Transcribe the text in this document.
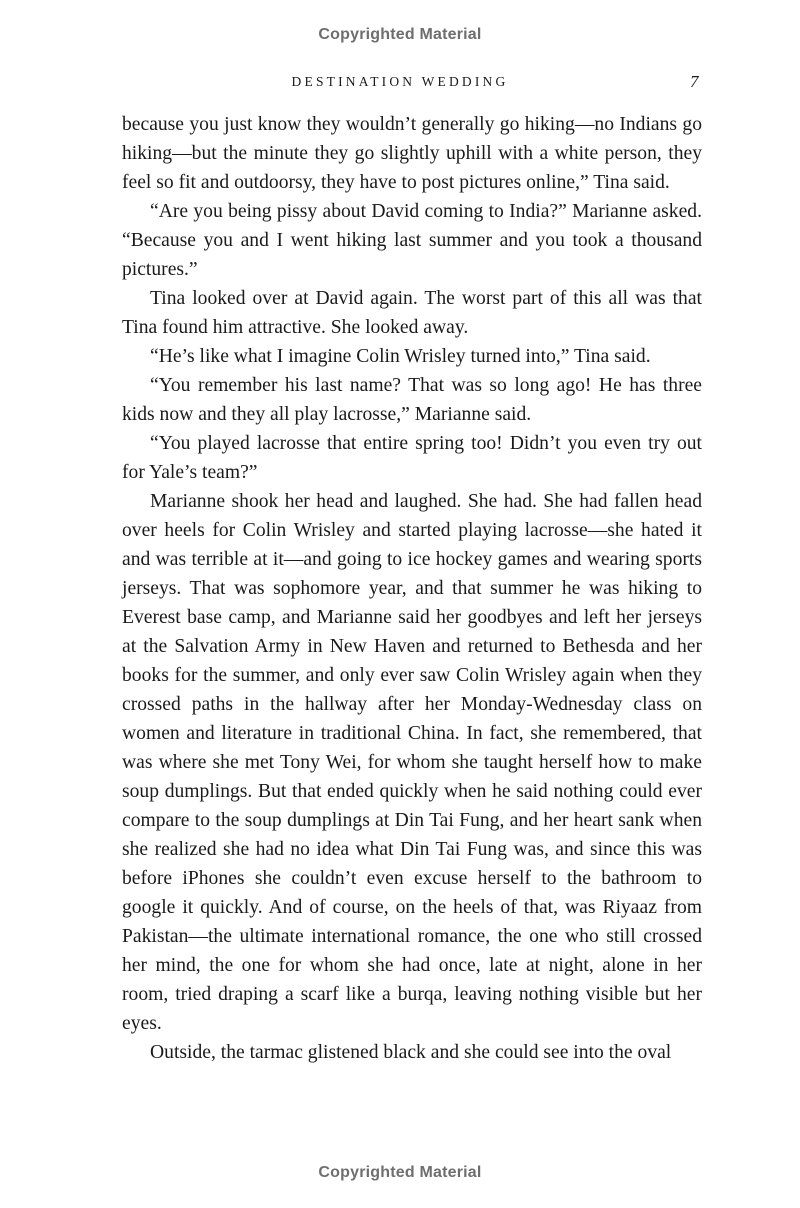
Copyrighted Material
DESTINATION WEDDING	7

because you just know they wouldn’t generally go hiking—no Indians go hiking—but the minute they go slightly uphill with a white person, they feel so fit and outdoorsy, they have to post pictures online,” Tina said.

“Are you being pissy about David coming to India?” Marianne asked. “Because you and I went hiking last summer and you took a thousand pictures.”

Tina looked over at David again. The worst part of this all was that Tina found him attractive. She looked away.

“He’s like what I imagine Colin Wrisley turned into,” Tina said.

“You remember his last name? That was so long ago! He has three kids now and they all play lacrosse,” Marianne said.

“You played lacrosse that entire spring too! Didn’t you even try out for Yale’s team?”

Marianne shook her head and laughed. She had. She had fallen head over heels for Colin Wrisley and started playing lacrosse—she hated it and was terrible at it—and going to ice hockey games and wearing sports jerseys. That was sophomore year, and that summer he was hiking to Everest base camp, and Marianne said her goodbyes and left her jerseys at the Salvation Army in New Haven and returned to Bethesda and her books for the summer, and only ever saw Colin Wrisley again when they crossed paths in the hallway after her Monday-Wednesday class on women and literature in traditional China. In fact, she remembered, that was where she met Tony Wei, for whom she taught herself how to make soup dumplings. But that ended quickly when he said nothing could ever compare to the soup dumplings at Din Tai Fung, and her heart sank when she realized she had no idea what Din Tai Fung was, and since this was before iPhones she couldn’t even excuse herself to the bathroom to google it quickly. And of course, on the heels of that, was Riyaaz from Pakistan—the ultimate international romance, the one who still crossed her mind, the one for whom she had once, late at night, alone in her room, tried draping a scarf like a burqa, leaving nothing visible but her eyes.

Outside, the tarmac glistened black and she could see into the oval

Copyrighted Material
